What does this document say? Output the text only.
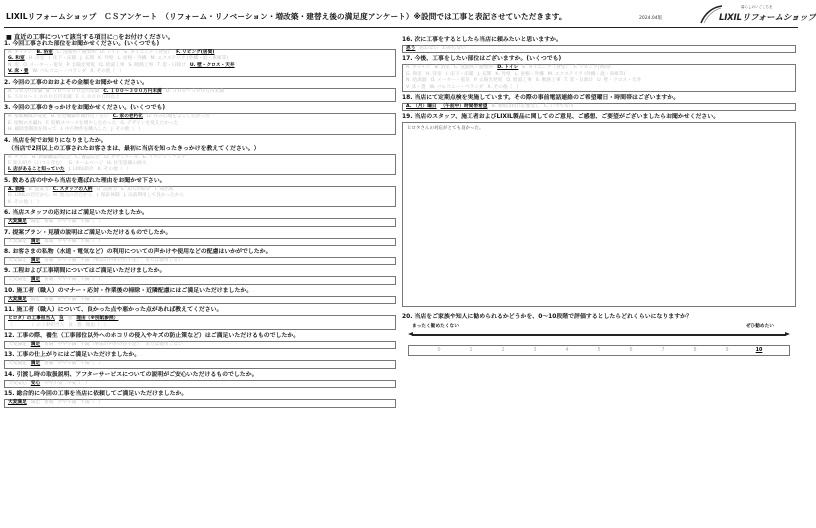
LIXILリフォームショップ　ＣＳアンケート　（リフォーム・リノベーション・増改築・建替え後の満足度アンケート）※設問では工事と表記させていただきます。	2024.04版
暮らしのいごこちを
LIXILリフォームショップ
■ 直近の工事について該当する項目に○をお付けください。
1. 今回工事された部位をお聞かせください。(いくつでも)
A. キッチン B. 浴室 C. 洗面所・脱衣所 D. トイレ E. ダイニング（食堂） F. リビング(居間)
G. 和室 H. 洋室 I. 床下・床暖 J. 玄関 K. 外壁 L. 屋根・外構 M. エクステリア (外構・庭・車庫等)
N. 窓 O. メーター・電気 P. 太陽光発電 Q. 給湯工事 S. 断熱工事 T. 窓・日除け U. 壁・クロス・天井
V. 床・畳 W. バルコニー・ベランダ X. その他（ ）
2. 今回の工事のおおよその金額をお聞かせください。
A. ５０万円未満 B. ５０～１００万円未満 C. １００～３００万円未満 D. ３００～５００万円未満
E. ５００～１,０００万円未満 F. １,０００万円以上
3. 今回の工事のきっかけをお聞かせください。(いくつでも)
A. 家族構成の変化 B. 住宅機器が壊れた・古い C. 家の老朽化 D. 住み心地をよくしたかった
E. 屋根の水漏れ F. 収納スペースを増やしたかった G. デザインを変えたかった
H. 補助金制度を知って I. 中古物件を購入した J. その他（ ）
4. 当店を何でお知りになりましたか。
（当店で2回以上の工事されたお客さまは、最初に当店を知ったきっかけを教えてください。）
A. チラシ B. 新聞雑誌の広告 C. 雑誌広告 D. タウンメール E. イベント・フェア
F. 知人紹介（口コミ含む） G. ホームページ H. 住宅設備の展示
I. 店があること知っていた J. LIXIL紹介 K. その他（ ）
5. 数ある店の中から当店を選ばれた理由をお聞かせ下さい。
A. 価格 B. 提案力 C. スタッフの人柄 D. 技術力 E. 知人の紹介 F. 知名度
G. LIXILの店だから H. 地元の店だから I. 保証体制 J. 以前利用して良かったから
K. その他（ ）
6. 当店スタッフの応対にはご満足いただけましたか。
大変満足 満足 普通 やや不満 不満（ ）
7. 提案プラン・見積の説明はご満足いただけるものでしたか。
大変満足 満足 普通 やや不満 不満（ ）
8. お客さまの私物（水道・電気など）の利用についての声かけや使用などの配慮はいかがでしたか。
大変満足 満足 普通 やや不満 不満（事前の声かけが不足） または使用しない
9. 工程および工事期間についてはご満足いただけましたか。
大変満足 満足 普通 やや不満 不満（ ）
10. 施工者（職人）のマナー・応対・作業後の掃除・近隣配慮にはご満足いただけましたか。
大変満足 満足 普通 やや不満 不満（ ）
11. 施工者（職人）について、良かった点や悪かった点があれば教えてください。
ヒロタ）の工事担当人 良 悪 理由（※別紙参照）
（　　　　）の工事担当人 良 悪 理由（ ）
12. 工事の際、養生（工事部位以外へのホコリの侵入やキズの防止策など）はご満足いただけるものでしたか。
大変満足 満足 普通 やや不満 不満（事前の声かけが不足） または使用しない
13. 工事の仕上がりにはご満足いただけましたか。
大変満足 満足 普通 やや不満 不満（ ）
14. 引渡し時の取扱説明、アフターサービスについての説明がご安心いただけるものでしたか。
大変安心 安心 やや不安 不安（ ）
15. 総合的に今回の工事を当店に依頼してご満足いただけましたか。
大変満足 満足 普通 やや不満 不満（ ）
16. 次に工事をするとしたら当店に頼みたいと思いますか。
思う 思わない わからない
17. 今後、工事をしたい部位はございますか。(いくつでも)
A. キッチン B. 浴室 C. 洗面所・脱衣所 D. トイレ E. ダイニング（食堂） F. リビング(居間)
G. 和室 H. 洋室 I. 床下・床暖 J. 玄関 K. 外壁 L. 屋根・外構 M. エクステリア (外構・庭・車庫等)
N. 給湯器 O. メーター・電気 P. 太陽光発電 Q. 給湯工事 S. 断熱工事 T. 窓・日除け U. 壁・クロス・天井
V. 床・畳 W. バルコニー・ベランダ X. その他（ ）
18. 当店にて定期点検を実施しています。その際の事前電話連絡のご希望曜日・時間帯はございますか。
A. （月）曜日 （午前中）時間帯希望 B. 連絡は特に必要なし C. いつでも可
19. 当店のスタッフ、施工者およびLIXIL製品に関してのご意見、ご感想、ご要望がございましたらお聞かせください。
ヒロタさんの対応がとても良かった。
20. 当店をご家族や知人に勧められるかどうかを、0～10段階で評価するとしたらどれくらいになりますか？
まったく勧めたくない	ぜひ勧めたい
0	1	2	3	4	5	6	7	8	9	10
